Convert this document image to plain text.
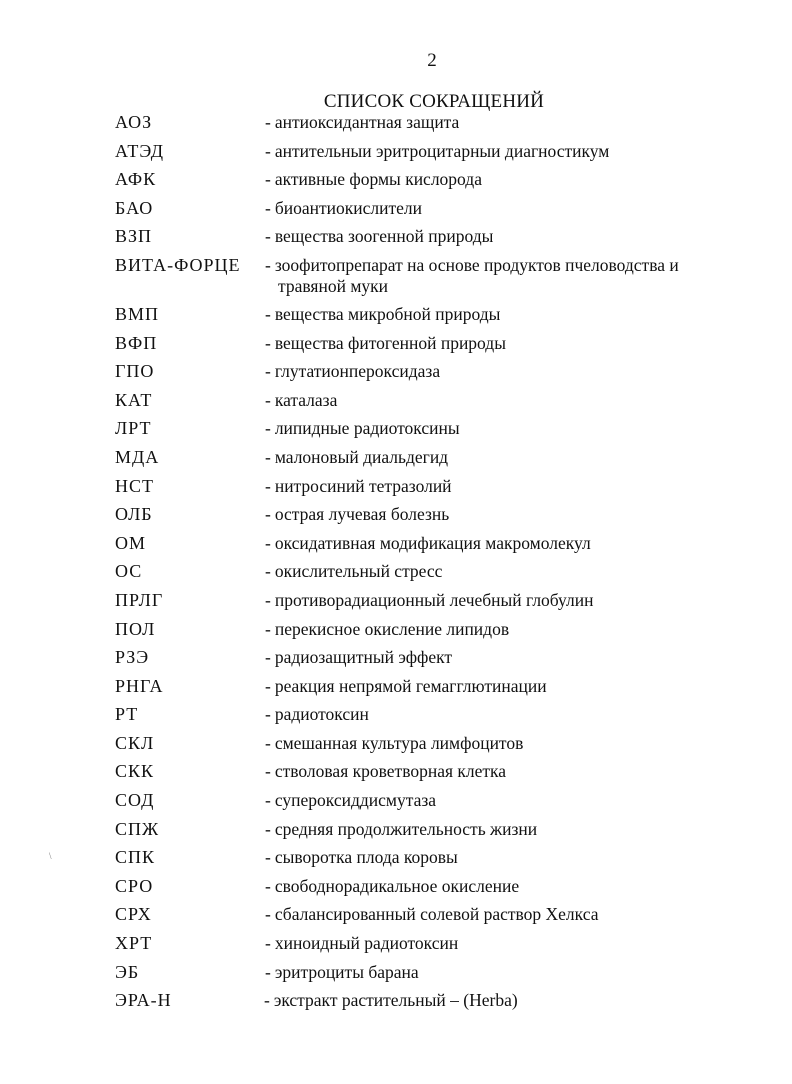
2
СПИСОК СОКРАЩЕНИЙ
АОЗ	- антиоксидантная защита
АТЭД	- антительныи эритроцитарныи диагностикум
АФК	- активные формы кислорода
БАО	- биоантиокислители
ВЗП	- вещества зоогенной природы
ВИТА-ФОРЦЕ - зоофитопрепарат на основе продуктов пчеловодства и травяной муки
ВМП	- вещества микробной природы
ВФП	- вещества фитогенной природы
ГПО	- глутатионпероксидаза
КАТ	- каталаза
ЛРТ	- липидные радиотоксины
МДА	- малоновый диальдегид
НСТ	- нитросиний тетразолий
ОЛБ	- острая лучевая болезнь
ОМ	- оксидативная модификация макромолекул
ОС	- окислительный стресс
ПРЛГ	- противорадиационный лечебный глобулин
ПОЛ	- перекисное окисление липидов
РЗЭ	- радиозащитный эффект
РНГА	- реакция непрямой гемагглютинации
РТ	- радиотоксин
СКЛ	- смешанная культура лимфоцитов
СКК	- стволовая кроветворная клетка
СОД	- супероксиддисмутаза
СПЖ	- средняя продолжительность жизни
СПК	- сыворотка плода коровы
СРО	- свободнорадикальное окисление
СРХ	- сбалансированный солевой раствор Хелкса
ХРТ	- хиноидный радиотоксин
ЭБ	- эритроциты барана
ЭРА-Н	- экстракт растительный – (Herba)
\
